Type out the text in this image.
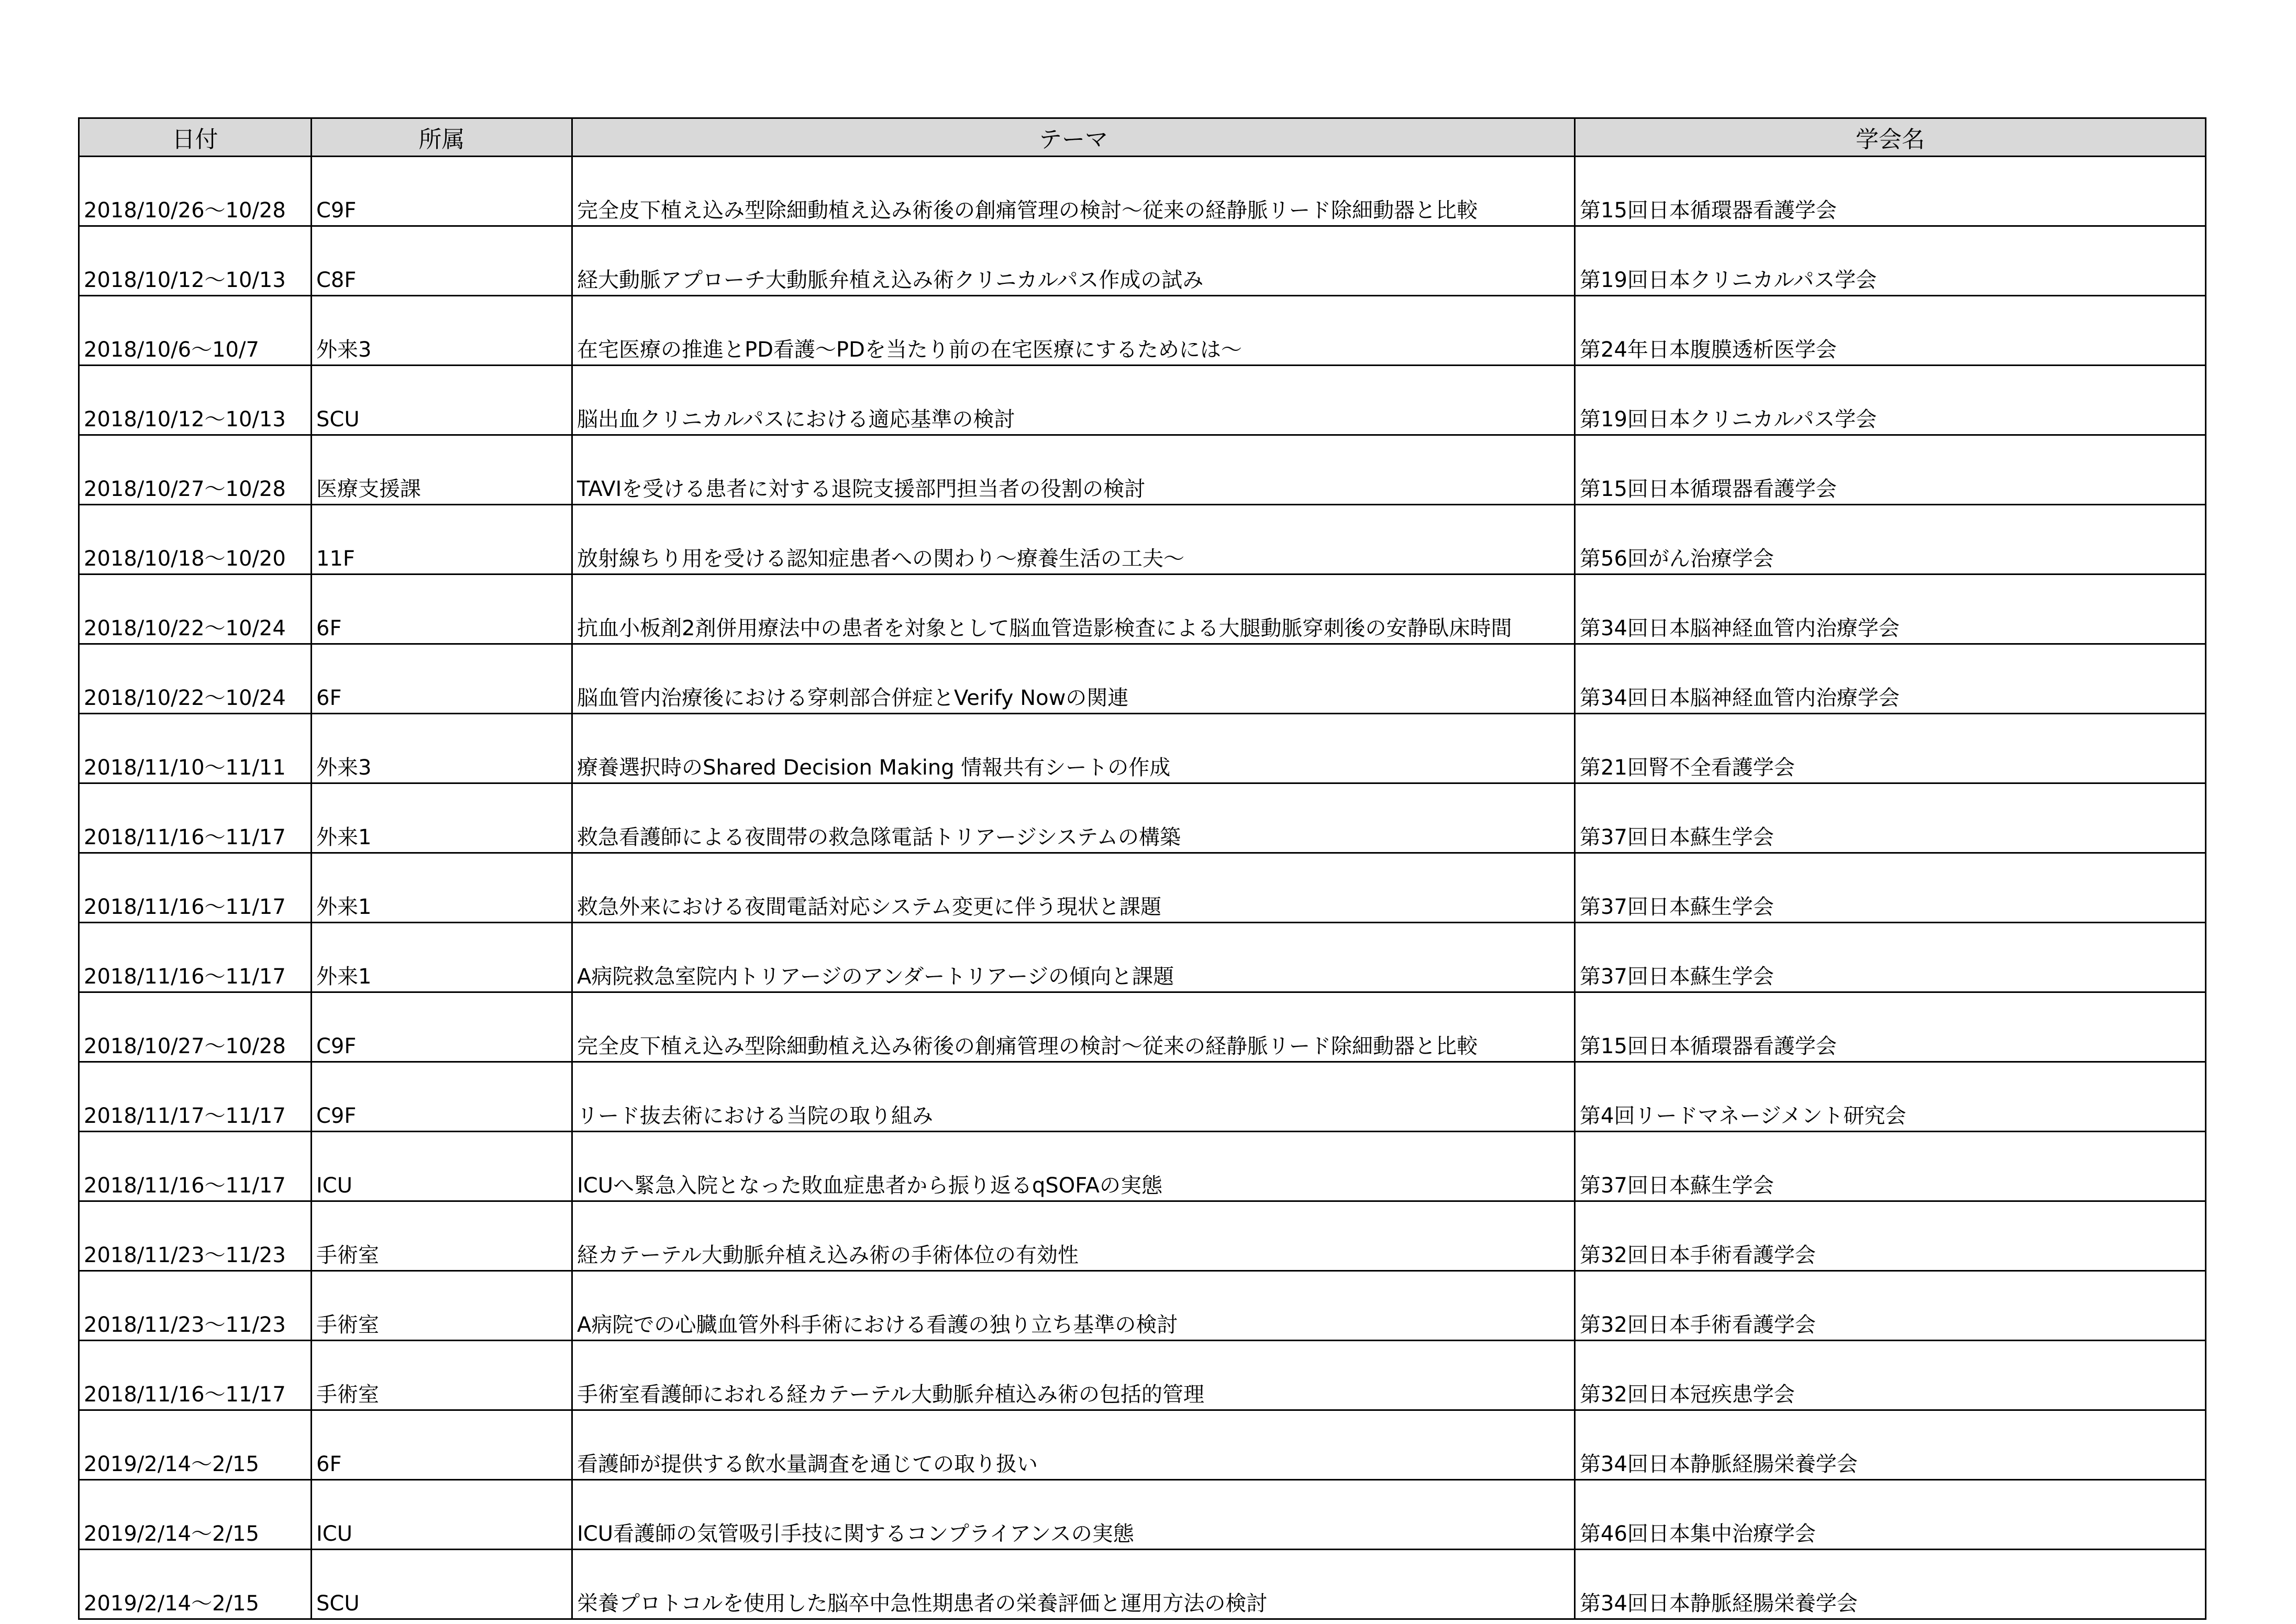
日付	所属	テーマ	学会名
2018/10/26～10/28	C9F	完全皮下植え込み型除細動植え込み術後の創痛管理の検討～従来の経静脈リード除細動器と比較	第15回日本循環器看護学会
2018/10/12～10/13	C8F	経大動脈アプローチ大動脈弁植え込み術クリニカルパス作成の試み	第19回日本クリニカルパス学会
2018/10/6～10/7	外来3	在宅医療の推進とPD看護～PDを当たり前の在宅医療にするためには～	第24年日本腹膜透析医学会
2018/10/12～10/13	SCU	脳出血クリニカルパスにおける適応基準の検討	第19回日本クリニカルパス学会
2018/10/27～10/28	医療支援課	TAVIを受ける患者に対する退院支援部門担当者の役割の検討	第15回日本循環器看護学会
2018/10/18～10/20	11F	放射線ちり用を受ける認知症患者への関わり～療養生活の工夫～	第56回がん治療学会
2018/10/22～10/24	6F	抗血小板剤2剤併用療法中の患者を対象として脳血管造影検査による大腿動脈穿刺後の安静臥床時間	第34回日本脳神経血管内治療学会
2018/10/22～10/24	6F	脳血管内治療後における穿刺部合併症とVerify Nowの関連	第34回日本脳神経血管内治療学会
2018/11/10～11/11	外来3	療養選択時のShared Decision Making 情報共有シートの作成	第21回腎不全看護学会
2018/11/16～11/17	外来1	救急看護師による夜間帯の救急隊電話トリアージシステムの構築	第37回日本蘇生学会
2018/11/16～11/17	外来1	救急外来における夜間電話対応システム変更に伴う現状と課題	第37回日本蘇生学会
2018/11/16～11/17	外来1	A病院救急室院内トリアージのアンダートリアージの傾向と課題	第37回日本蘇生学会
2018/10/27～10/28	C9F	完全皮下植え込み型除細動植え込み術後の創痛管理の検討～従来の経静脈リード除細動器と比較	第15回日本循環器看護学会
2018/11/17～11/17	C9F	リード抜去術における当院の取り組み	第4回リードマネージメント研究会
2018/11/16～11/17	ICU	ICUへ緊急入院となった敗血症患者から振り返るqSOFAの実態	第37回日本蘇生学会
2018/11/23～11/23	手術室	経カテーテル大動脈弁植え込み術の手術体位の有効性	第32回日本手術看護学会
2018/11/23～11/23	手術室	A病院での心臓血管外科手術における看護の独り立ち基準の検討	第32回日本手術看護学会
2018/11/16～11/17	手術室	手術室看護師におれる経カテーテル大動脈弁植込み術の包括的管理	第32回日本冠疾患学会
2019/2/14～2/15	6F	看護師が提供する飲水量調査を通じての取り扱い	第34回日本静脈経腸栄養学会
2019/2/14～2/15	ICU	ICU看護師の気管吸引手技に関するコンプライアンスの実態	第46回日本集中治療学会
2019/2/14～2/15	SCU	栄養プロトコルを使用した脳卒中急性期患者の栄養評価と運用方法の検討	第34回日本静脈経腸栄養学会
